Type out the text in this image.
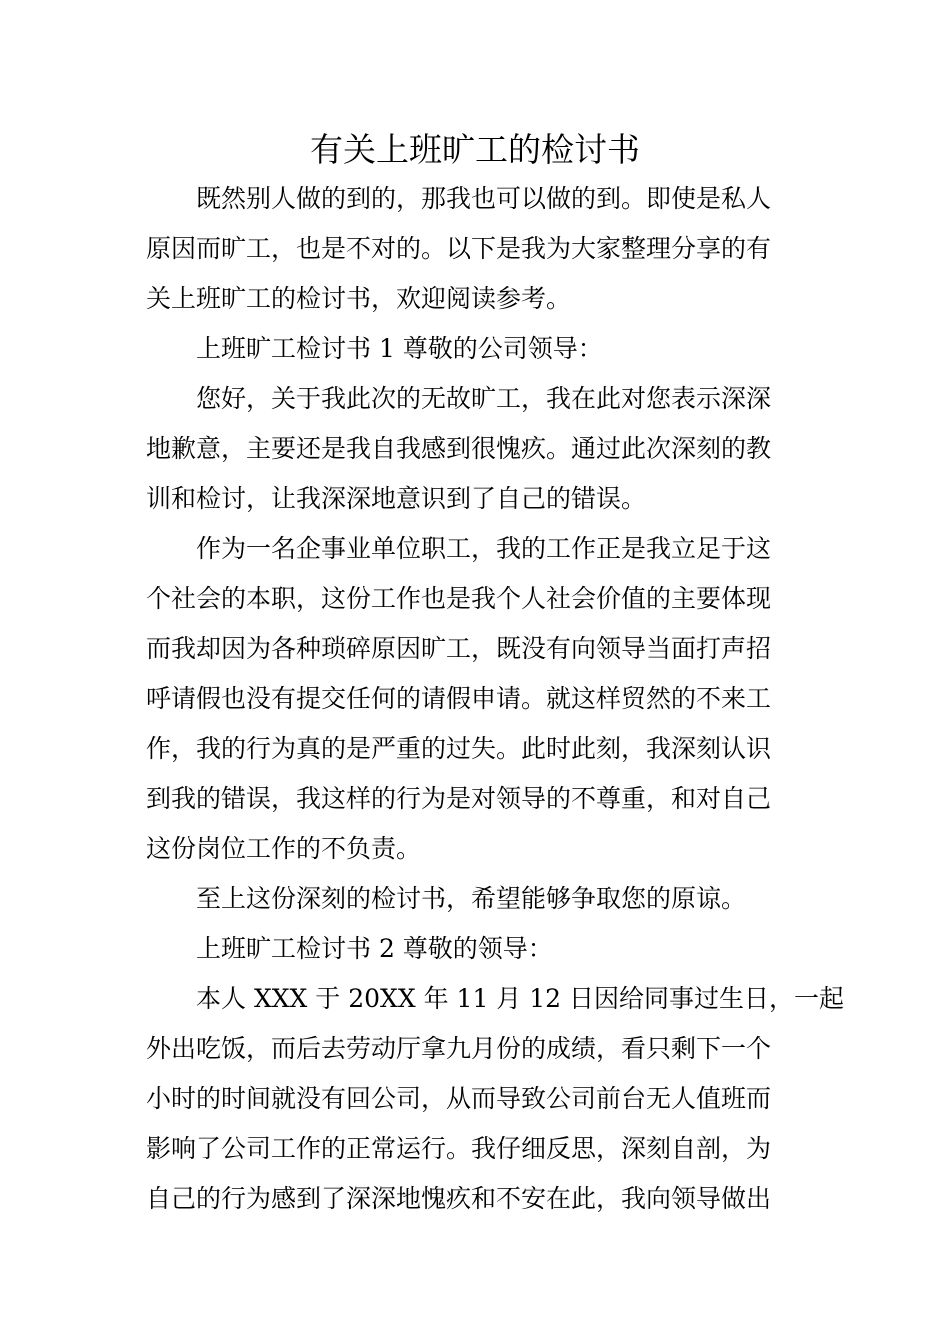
有关上班旷工的检讨书

既然别人做的到的，那我也可以做的到。即使是私人
原因而旷工，也是不对的。以下是我为大家整理分享的有
关上班旷工的检讨书，欢迎阅读参考。

上班旷工检讨书 1 尊敬的公司领导：

您好，关于我此次的无故旷工，我在此对您表示深深
地歉意，主要还是我自我感到很愧疚。通过此次深刻的教
训和检讨，让我深深地意识到了自己的错误。

作为一名企事业单位职工，我的工作正是我立足于这
个社会的本职，这份工作也是我个人社会价值的主要体现
而我却因为各种琐碎原因旷工，既没有向领导当面打声招
呼请假也没有提交任何的请假申请。就这样贸然的不来工
作，我的行为真的是严重的过失。此时此刻，我深刻认识
到我的错误，我这样的行为是对领导的不尊重，和对自己
这份岗位工作的不负责。

至上这份深刻的检讨书，希望能够争取您的原谅。

上班旷工检讨书 2 尊敬的领导：

本人 XXX 于 20XX 年 11 月 12 日因给同事过生日，一起
外出吃饭，而后去劳动厅拿九月份的成绩，看只剩下一个
小时的时间就没有回公司，从而导致公司前台无人值班而
影响了公司工作的正常运行。我仔细反思，深刻自剖，为
自己的行为感到了深深地愧疚和不安在此，我向领导做出
